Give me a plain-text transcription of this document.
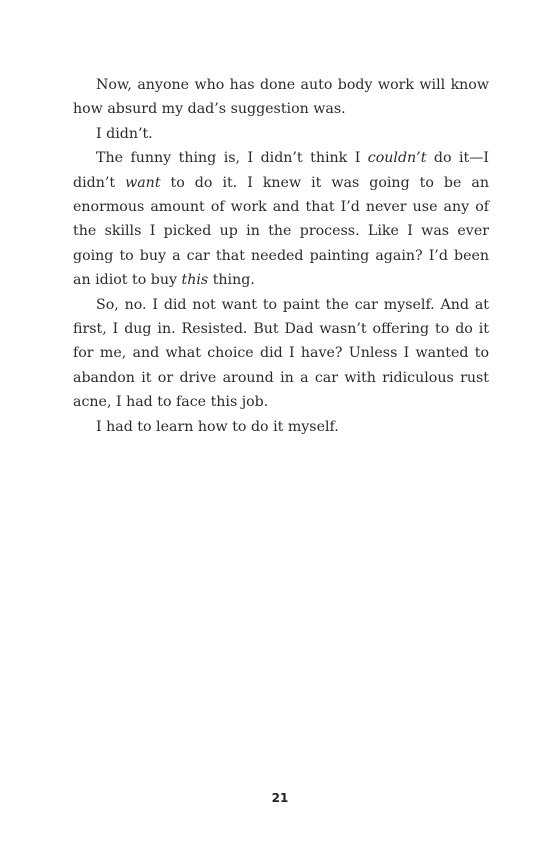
Now, anyone who has done auto body work will know how absurd my dad’s suggestion was.

I didn’t.

The funny thing is, I didn’t think I couldn’t do it—I didn’t want to do it. I knew it was going to be an enormous amount of work and that I’d never use any of the skills I picked up in the process. Like I was ever going to buy a car that needed painting again? I’d been an idiot to buy this thing.

So, no. I did not want to paint the car myself. And at first, I dug in. Resisted. But Dad wasn’t offering to do it for me, and what choice did I have? Unless I wanted to abandon it or drive around in a car with ridiculous rust acne, I had to face this job.

I had to learn how to do it myself.

21
